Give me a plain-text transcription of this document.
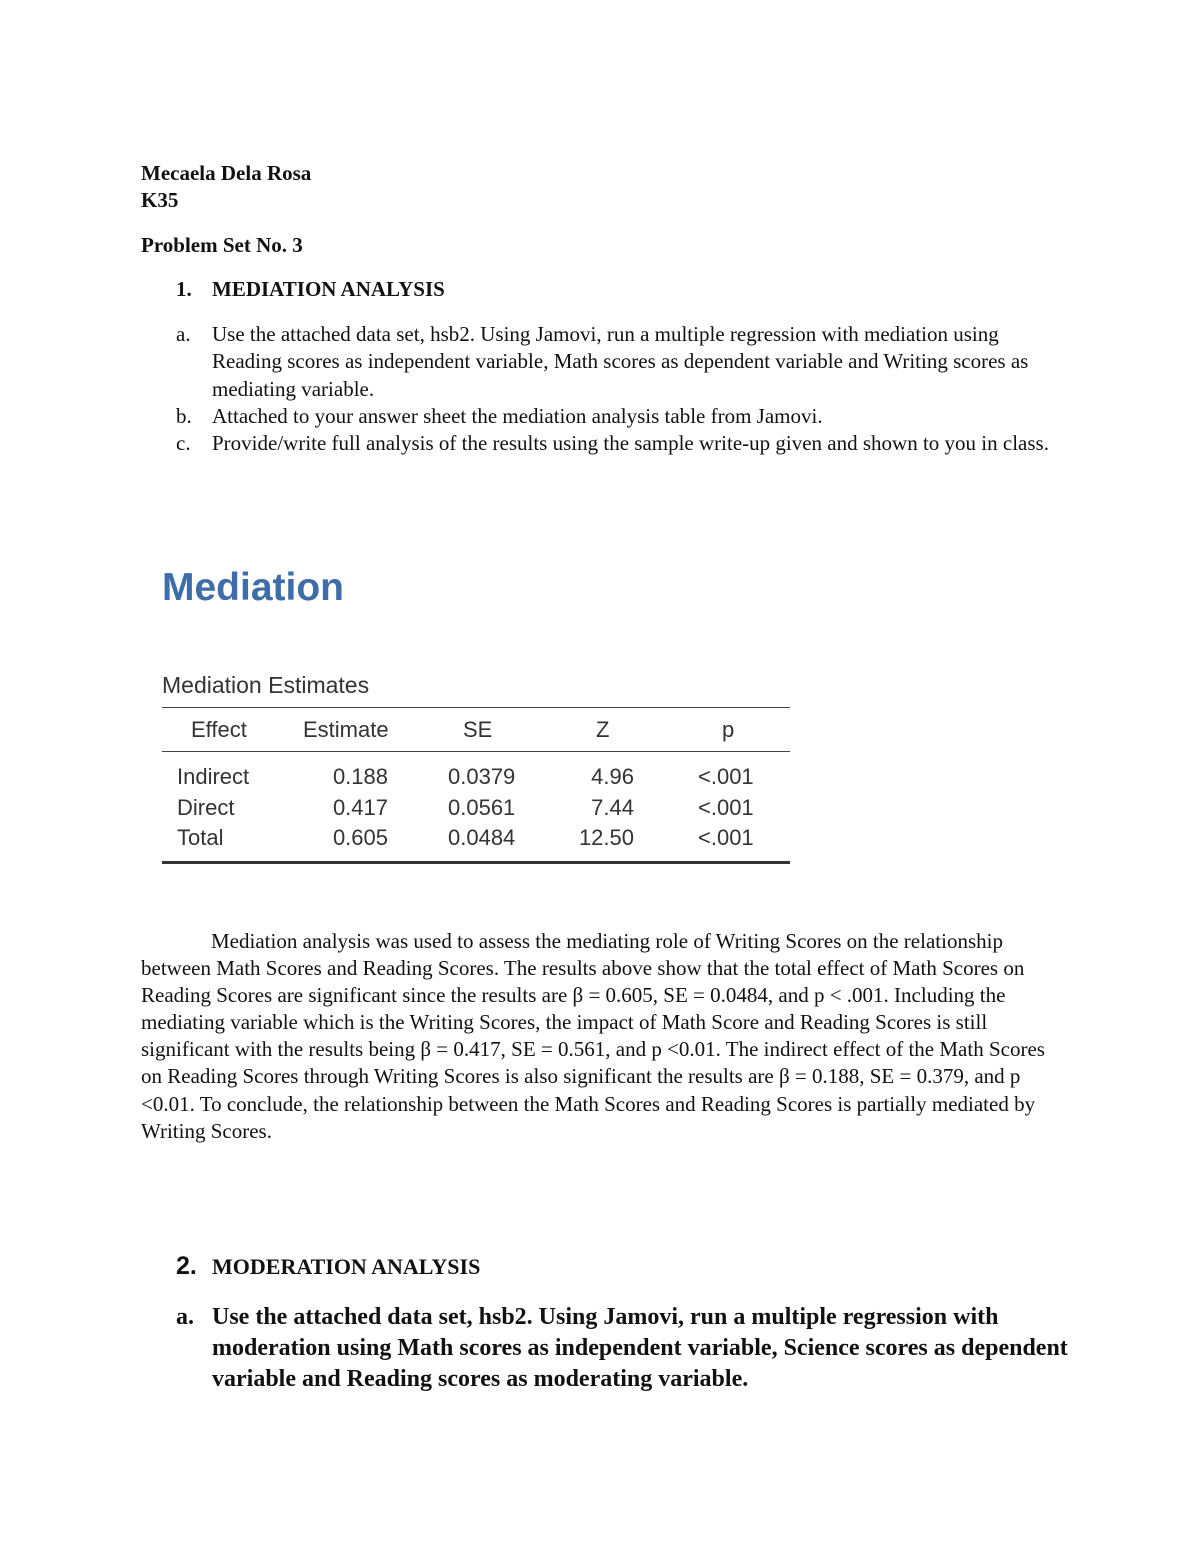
Mecaela Dela Rosa
K35
Problem Set No. 3
1. MEDIATION ANALYSIS
a. Use the attached data set, hsb2. Using Jamovi, run a multiple regression with mediation using Reading scores as independent variable, Math scores as dependent variable and Writing scores as mediating variable.
b. Attached to your answer sheet the mediation analysis table from Jamovi.
c. Provide/write full analysis of the results using the sample write-up given and shown to you in class.
Mediation
Mediation Estimates
Effect	Estimate	SE	Z	p
Indirect	0.188	0.0379	4.96	<.001
Direct	0.417	0.0561	7.44	<.001
Total	0.605	0.0484	12.50	<.001
Mediation analysis was used to assess the mediating role of Writing Scores on the relationship between Math Scores and Reading Scores. The results above show that the total effect of Math Scores on Reading Scores are significant since the results are β = 0.605, SE = 0.0484, and p < .001. Including the mediating variable which is the Writing Scores, the impact of Math Score and Reading Scores is still significant with the results being β = 0.417, SE = 0.561, and p <0.01. The indirect effect of the Math Scores on Reading Scores through Writing Scores is also significant the results are β = 0.188, SE = 0.379, and p <0.01. To conclude, the relationship between the Math Scores and Reading Scores is partially mediated by Writing Scores.
2. MODERATION ANALYSIS
a. Use the attached data set, hsb2. Using Jamovi, run a multiple regression with moderation using Math scores as independent variable, Science scores as dependent variable and Reading scores as moderating variable.
